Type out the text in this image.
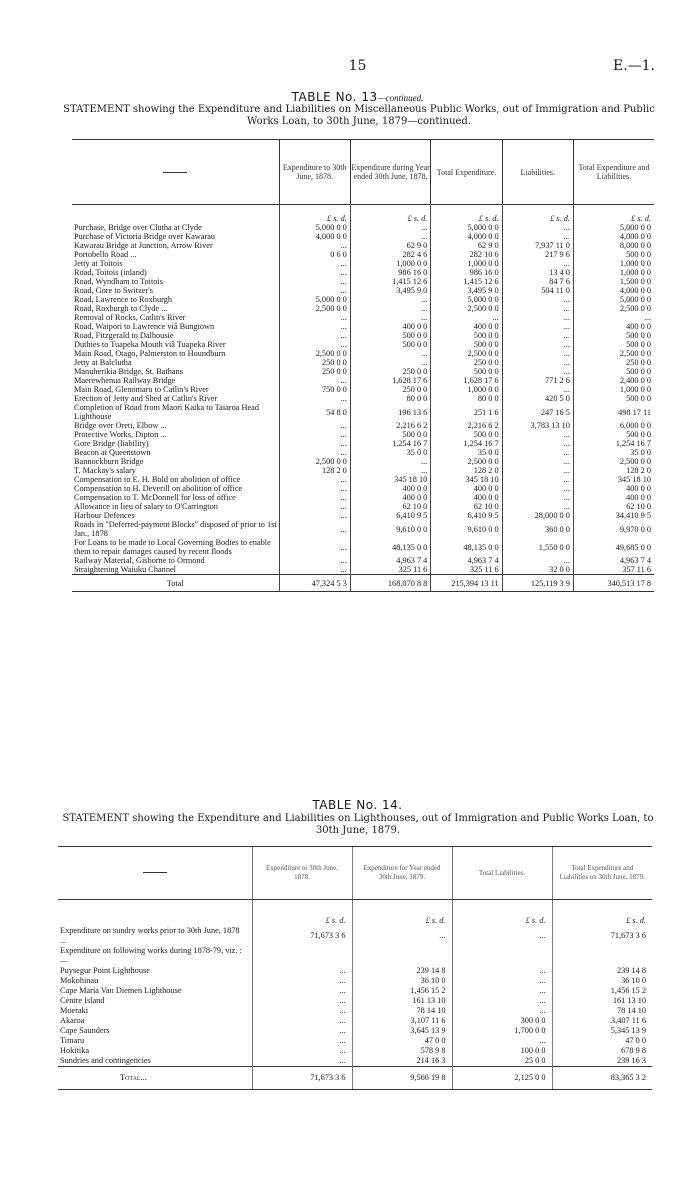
15	E.—1.
TABLE No. 13—continued.
STATEMENT showing the Expenditure and Liabilities on Miscellaneous Public Works, out of Immigration and Public Works Loan, to 30th June, 1879—continued.
	Expenditure to 30th June, 1878.	Expenditure during Year ended 30th June, 1878.	Total Expenditure.	Liabilities.	Total Expenditure and Liabilities.
	£ s. d.	£ s. d.	£ s. d.	£ s. d.	£ s. d.
Purchase, Bridge over Clutha at Clyde	5,000 0 0	...	5,000 0 0	...	5,000 0 0
Purchase of Victoria Bridge over Kawarau	4,000 0 0	...	4,000 0 0	...	4,000 0 0
Kawarau Bridge at Junction, Arrow River	...	62 9 0	62 9 0	7,937 11 0	8,000 0 0
Portobello Road ...	0 6 0	282 4 6	282 10 6	217 9 6	500 0 0
Jetty at Toitois	...	1,000 0 0	1,000 0 0	...	1,000 0 0
Road, Toitois (inland)	...	986 16 0	986 16 0	13 4 0	1,000 0 0
Road, Wyndham to Toitois	...	1,415 12 6	1,415 12 6	84 7 6	1,500 0 0
Road, Gore to Switzer's	...	3,495 9 0	3,495 9 0	504 11 0	4,000 0 0
Road, Lawrence to Roxburgh	5,000 0 0	...	5,000 0 0	...	5,000 0 0
Road, Roxburgh to Clyde ...	2,500 0 0	...	2,500 0 0	...	2,500 0 0
Removal of Rocks, Catlin's River	...	...	...	...	...
Road, Waipori to Lawrence viâ Bungtown	...	400 0 0	400 0 0	...	400 0 0
Road, Fitzgerald to Dalhousie	...	500 0 0	500 0 0	...	500 0 0
Duthies to Tuapeka Mouth viâ Tuapeka River	...	500 0 0	500 0 0	...	500 0 0
Main Road, Otago, Palmerston to Houndburn	2,500 0 0	...	2,500 0 0	...	2,500 0 0
Jetty at Balclutha	250 0 0	...	250 0 0	...	250 0 0
Manuherikia Bridge, St. Bathans	250 0 0	250 0 0	500 0 0	...	500 0 0
Maerewhenua Railway Bridge	...	1,628 17 6	1,628 17 6	771 2 6	2,400 0 0
Main Road, Glenomaru to Catlin's River	750 0 0	250 0 0	1,000 0 0	...	1,000 0 0
Erection of Jetty and Shed at Catlin's River	...	80 0 0	80 0 0	420 5 0	500 0 0
Completion of Road from Maori Kaika to Taiaroa Head Lighthouse	54 8 0	196 13 6	251 1 6	247 16 5	498 17 11
Bridge over Oreti, Elbow ...	...	2,216 6 2	2,216 6 2	3,783 13 10	6,000 0 0
Protective Works, Dipton ...	...	500 0 0	500 0 0	...	500 0 0
Gore Bridge (liability)	...	1,254 16 7	1,254 16 7	...	1,254 16 7
Beacon at Queenstown	...	35 0 0	35 0 0	...	35 0 0
Bannockburn Bridge	2,500 0 0	...	2,500 0 0	...	2,500 0 0
T. Mackay's salary	128 2 0	...	128 2 0	...	128 2 0
Compensation to E. H. Bold on abolition of office	...	345 18 10	345 18 10	...	345 18 10
Compensation to H. Deverill on abolition of office	...	400 0 0	400 0 0	...	400 0 0
Compensation to T. McDonnell for loss of office	...	400 0 0	400 0 0	...	400 0 0
Allowance in lieu of salary to O'Carrington	...	62 10 0	62 10 0	...	62 10 0
Harbour Defences	...	6,410 9 5	6,410 9 5	28,000 0 0	34,410 9 5
Roads in "Deferred-payment Blocks" disposed of prior to 1st Jan., 1878	...	9,610 0 0	9,610 0 0	360 0 0	9,970 0 0
For Loans to be made to Local Governing Bodies to enable them to repair damages caused by recent floods	...	48,135 0 0	48,135 0 0	1,550 0 0	49,685 0 0
Railway Material, Gisborne to Ormond	...	4,963 7 4	4,963 7 4	...	4,963 7 4
Straightening Waiuku Channel	...	325 11 6	325 11 6	32 0 0	357 11 6
Total	47,324 5 3	168,070 8 8	215,394 13 11	125,119 3 9	340,513 17 8
TABLE No. 14.
STATEMENT showing the Expenditure and Liabilities on Lighthouses, out of Immigration and Public Works Loan, to 30th June, 1879.
	Expenditure to 30th June, 1878.	Expenditure for Year ended 30th June, 1879.	Total Liabilities.	Total Expenditure and Liabilities on 30th June, 1879.
	£ s. d.	£ s. d.	£ s. d.	£ s. d.
Expenditure on sundry works prior to 30th June, 1878 ...	71,673 3 6	...	...	71,673 3 6
Expenditure on following works during 1878-79, viz. :—				
Puysegur Point Lighthouse	...	239 14 8	...	239 14 8
Mokohinau	...	36 10 0	...	36 10 0
Cape Maria Van Diemen Lighthouse	...	1,456 15 2	...	1,456 15 2
Centre Island	...	161 13 10	...	161 13 10
Moeraki	...	78 14 10	...	78 14 10
Akaroa	...	3,107 11 6	300 0 0	3,407 11 6
Cape Saunders	...	3,645 13 9	1,700 0 0	5,345 13 9
Timaru	...	47 0 0	...	47 0 0
Hokitika	...	578 9 8	100 0 0	678 9 8
Sundries and contingencies	...	214 16 3	25 0 0	239 16 3
Total...	71,673 3 6	9,566 19 8	2,125 0 0	83,365 3 2
